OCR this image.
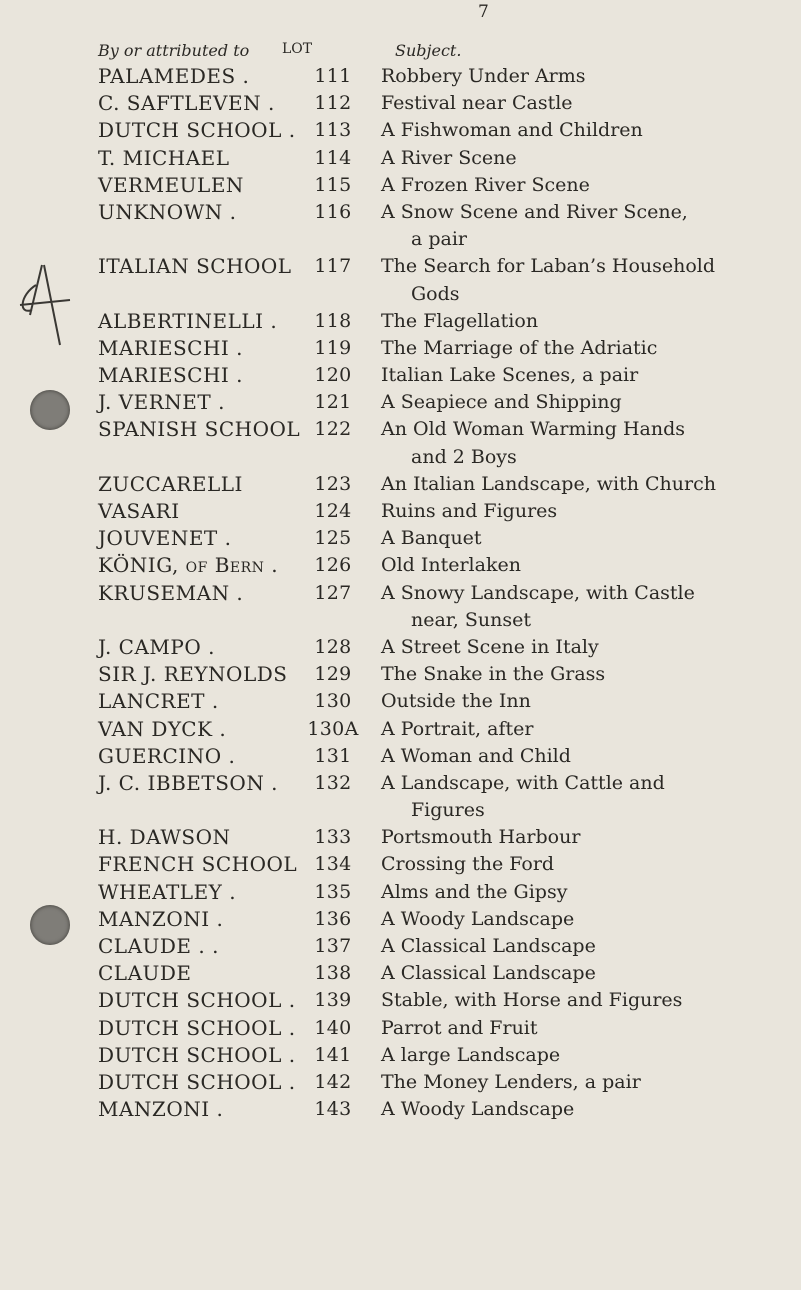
7
By or attributed to LOT	Subject.
PALAMEDES .
C. SAFTLEVEN .
DUTCH SCHOOL .
T. MICHAEL
VERMEULEN
UNKNOWN .
ITALIAN SCHOOL
ALBERTINELLI .
MARIESCHI .
MARIESCHI .
J. VERNET .
SPANISH SCHOOL
ZUCCARELLI
VASARI
JOUVENET .
KÖNIG, of Bern .
KRUSEMAN .
J. CAMPO .
SIR J. REYNOLDS
LANCRET .
VAN DYCK .
GUERCINO .
J. C. IBBETSON .
H. DAWSON
FRENCH SCHOOL
WHEATLEY .
MANZONI .
CLAUDE . .
CLAUDE
DUTCH SCHOOL .
DUTCH SCHOOL .
DUTCH SCHOOL .
DUTCH SCHOOL .
MANZONI .
111
112
113
114
115
116
117
118
119
120
121
122
123
124
125
126
127
128
129
130
130A
131
132
133
134
135
136
137
138
139
140
141
142
143
Robbery Under Arms
Festival near Castle
A Fishwoman and Children
A River Scene
A Frozen River Scene
A Snow Scene and River Scene,
a pair
The Search for Laban’s Household
Gods
The Flagellation
The Marriage of the Adriatic
Italian Lake Scenes, a pair
A Seapiece and Shipping
An Old Woman Warming Hands
and 2 Boys
An Italian Landscape, with Church
Ruins and Figures
A Banquet
Old Interlaken
A Snowy Landscape, with Castle
near, Sunset
A Street Scene in Italy
The Snake in the Grass
Outside the Inn
A Portrait, after
A Woman and Child
A Landscape, with Cattle and
Figures
Portsmouth Harbour
Crossing the Ford
Alms and the Gipsy
A Woody Landscape
A Classical Landscape
A Classical Landscape
Stable, with Horse and Figures
Parrot and Fruit
A large Landscape
The Money Lenders, a pair
A Woody Landscape
